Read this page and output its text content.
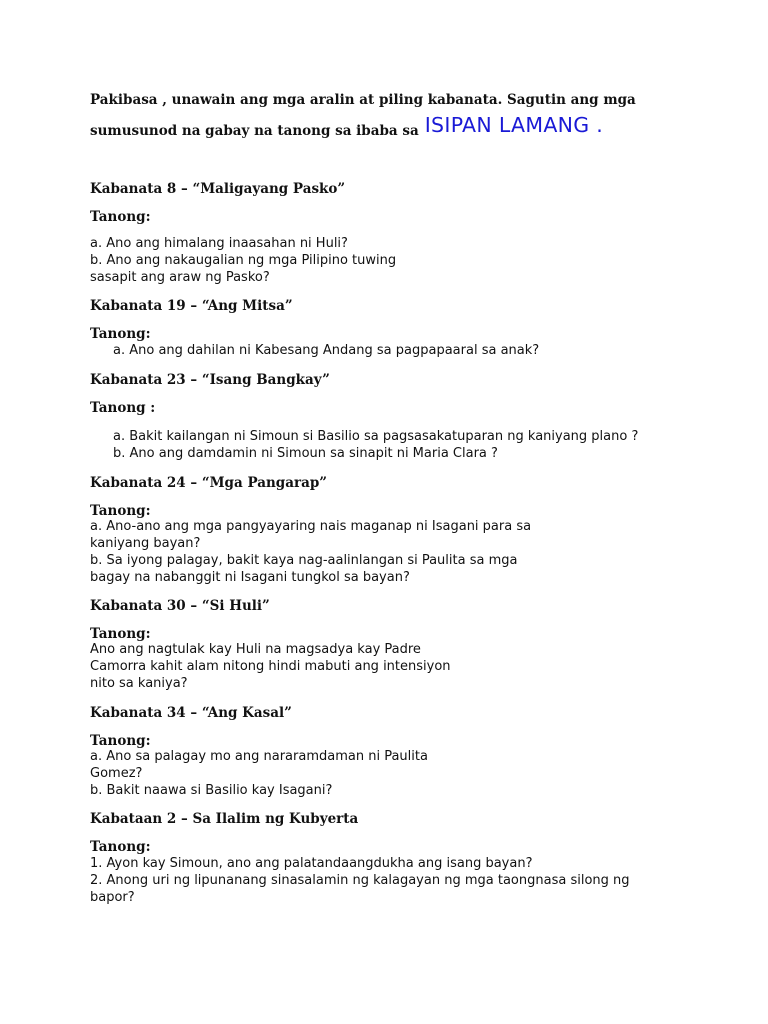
Pakibasa , unawain ang mga aralin at piling kabanata. Sagutin ang mga
sumusunod na gabay na tanong sa ibaba sa ISIPAN LAMANG .
Kabanata 8 – “Maligayang Pasko”
Tanong:
a. Ano ang himalang inaasahan ni Huli?
b. Ano ang nakaugalian ng mga Pilipino tuwing
sasapit ang araw ng Pasko?
Kabanata 19 – “Ang Mitsa”
Tanong:
a. Ano ang dahilan ni Kabesang Andang sa pagpapaaral sa anak?
Kabanata 23 – “Isang Bangkay”
Tanong :
a. Bakit kailangan ni Simoun si Basilio sa pagsasakatuparan ng kaniyang plano ?
b. Ano ang damdamin ni Simoun sa sinapit ni Maria Clara ?
Kabanata 24 – “Mga Pangarap”
Tanong:
a. Ano-ano ang mga pangyayaring nais maganap ni Isagani para sa
kaniyang bayan?
b. Sa iyong palagay, bakit kaya nag-aalinlangan si Paulita sa mga
bagay na nabanggit ni Isagani tungkol sa bayan?
Kabanata 30 – “Si Huli”
Tanong:
Ano ang nagtulak kay Huli na magsadya kay Padre
Camorra kahit alam nitong hindi mabuti ang intensiyon
nito sa kaniya?
Kabanata 34 – “Ang Kasal”
Tanong:
a. Ano sa palagay mo ang nararamdaman ni Paulita
Gomez?
b. Bakit naawa si Basilio kay Isagani?
Kabataan 2 – Sa Ilalim ng Kubyerta
Tanong:
1. Ayon kay Simoun, ano ang palatandaangdukha ang isang bayan?
2. Anong uri ng lipunanang sinasalamin ng kalagayan ng mga taongnasa silong ng
bapor?
